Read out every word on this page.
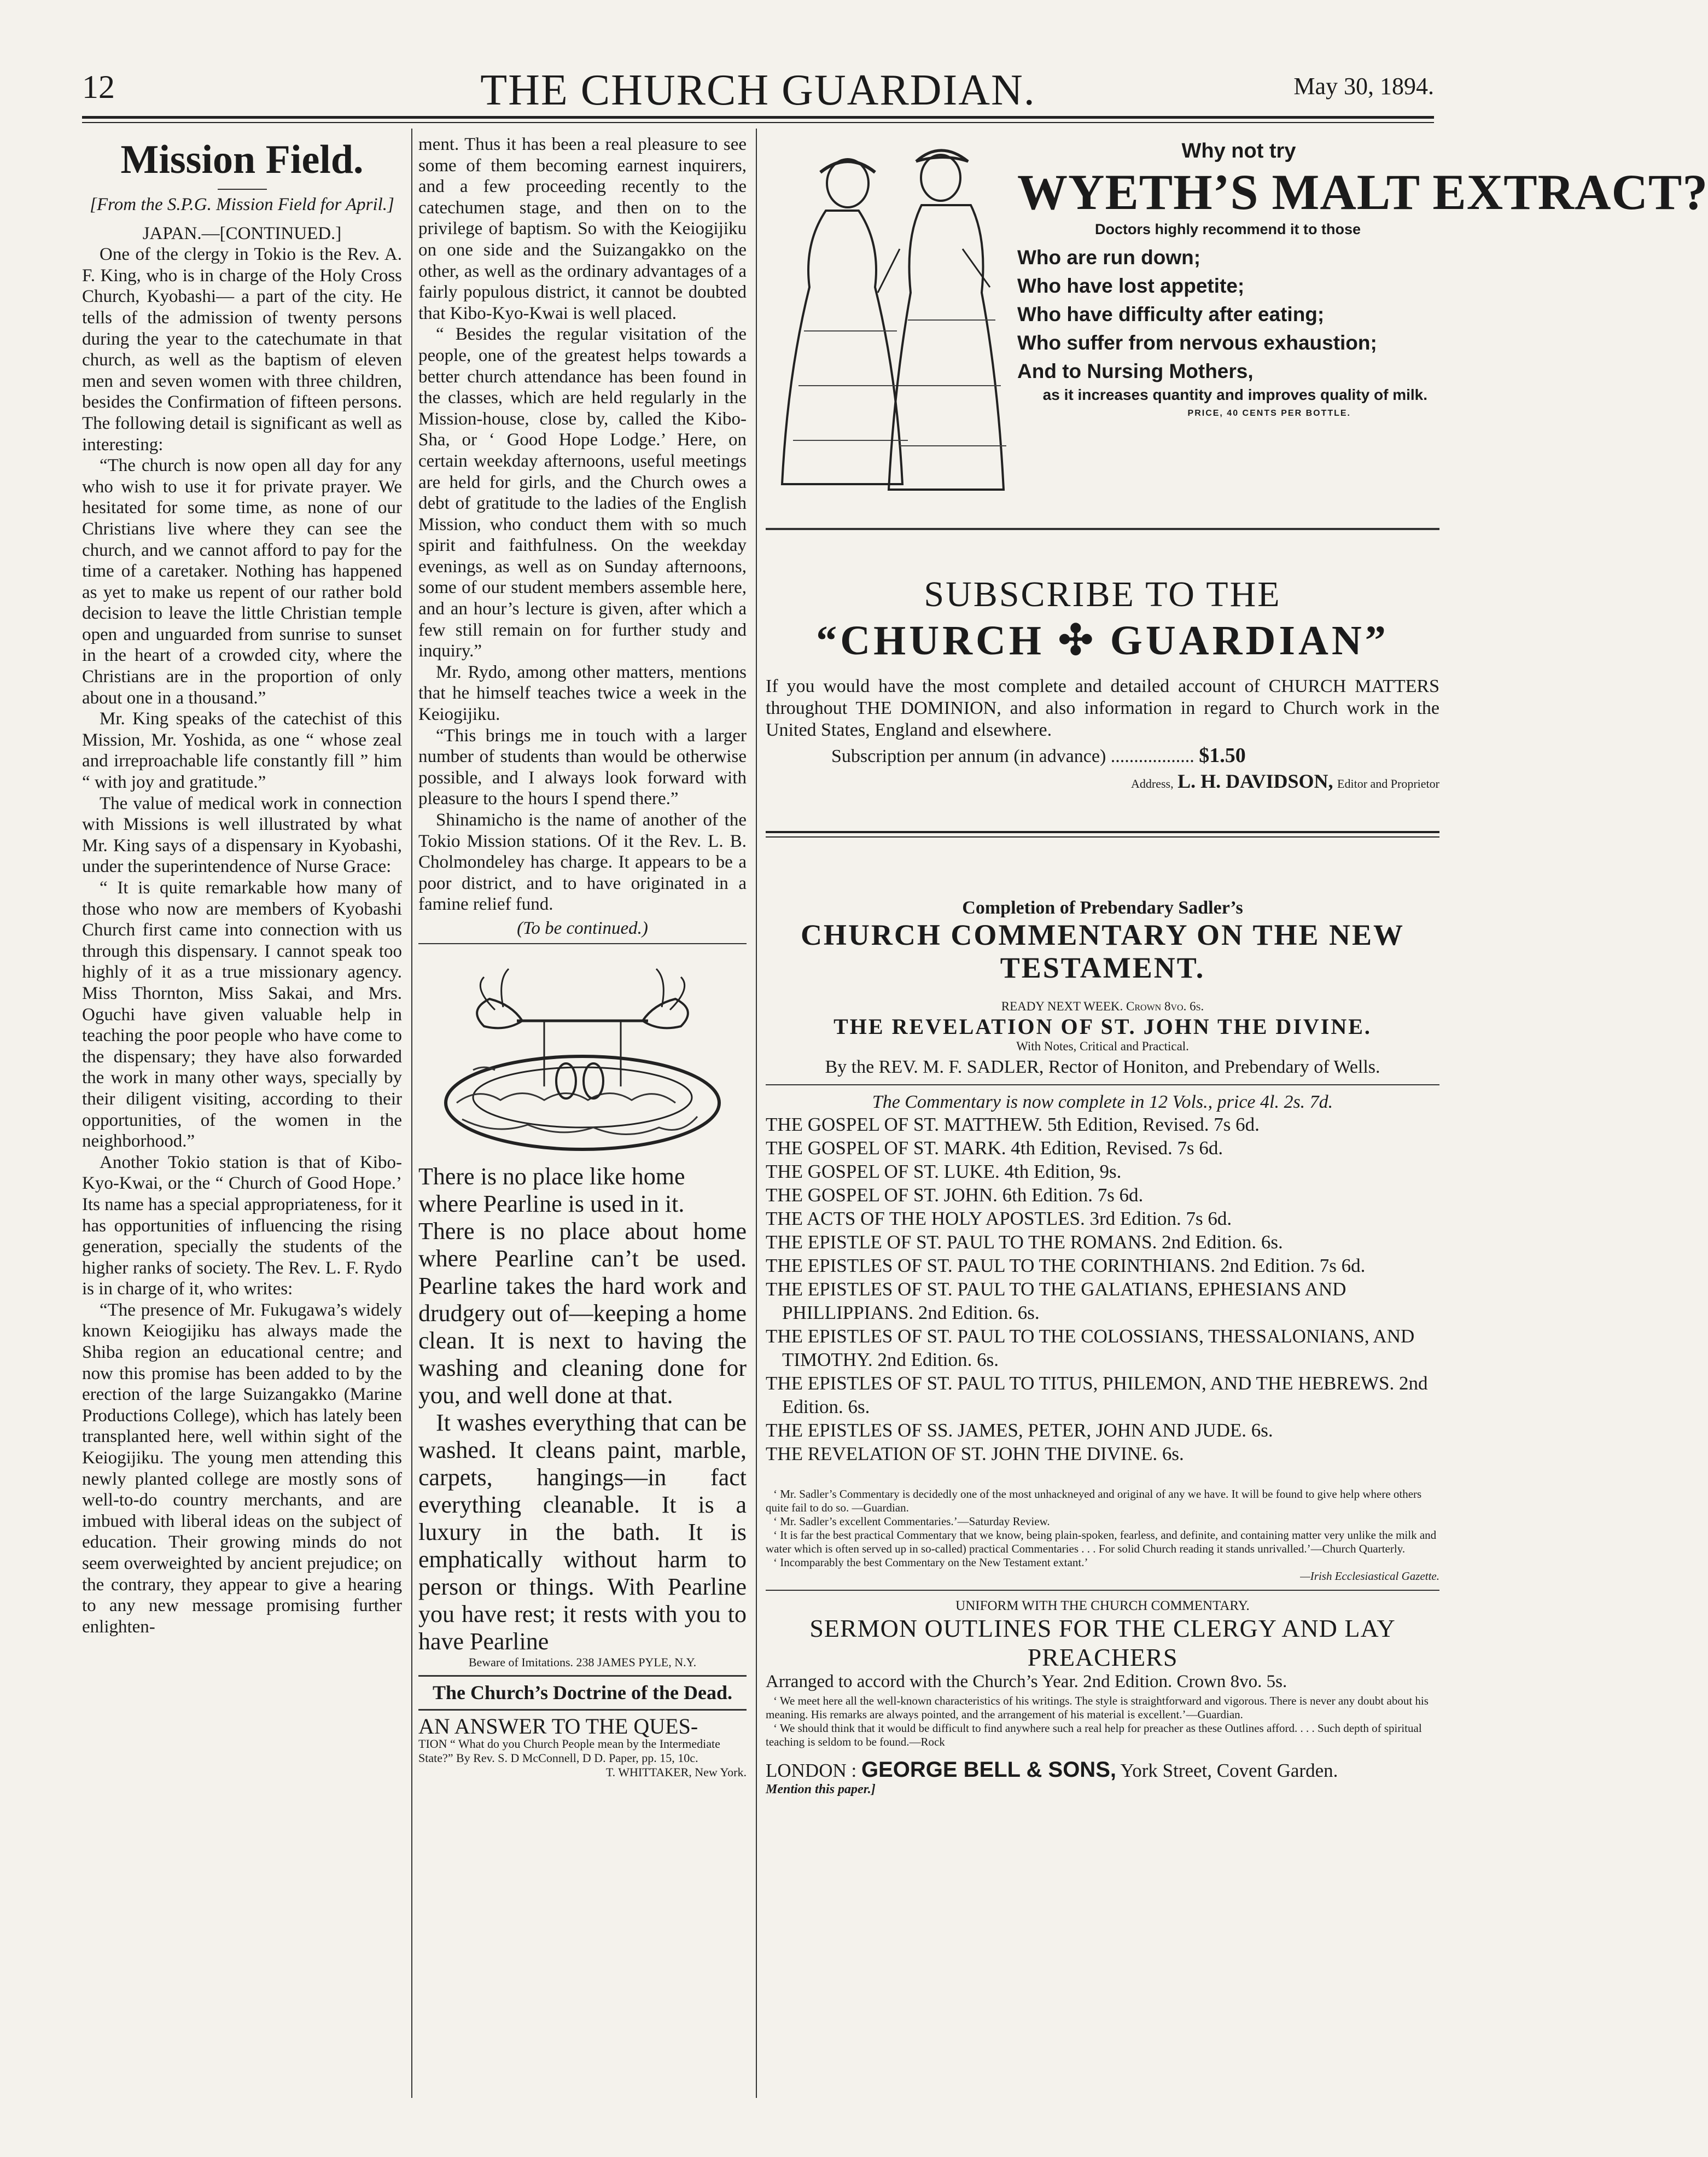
12	THE CHURCH GUARDIAN.	May 30, 1894.
Mission Field.

[From the S.P.G. Mission Field for April.]

JAPAN.—[CONTINUED.]

One of the clergy in Tokio is the Rev. A. F. King, who is in charge of the Holy Cross Church, Kyobashi— a part of the city. He tells of the admission of twenty persons during the year to the catechumate in that church, as well as the baptism of eleven men and seven women with three children, besides the Confirmation of fifteen persons. The following detail is significant as well as interesting:

“The church is now open all day for any who wish to use it for private prayer. We hesitated for some time, as none of our Christians live where they can see the church, and we cannot afford to pay for the time of a caretaker. Nothing has happened as yet to make us repent of our rather bold decision to leave the little Christian temple open and unguarded from sunrise to sunset in the heart of a crowded city, where the Christians are in the proportion of only about one in a thousand.”

Mr. King speaks of the catechist of this Mission, Mr. Yoshida, as one “ whose zeal and irreproachable life constantly fill ” him “ with joy and gratitude.”

The value of medical work in connection with Missions is well illustrated by what Mr. King says of a dispensary in Kyobashi, under the superintendence of Nurse Grace:

“ It is quite remarkable how many of those who now are members of Kyobashi Church first came into connection with us through this dispensary. I cannot speak too highly of it as a true missionary agency. Miss Thornton, Miss Sakai, and Mrs. Oguchi have given valuable help in teaching the poor people who have come to the dispensary; they have also forwarded the work in many other ways, specially by their diligent visiting, according to their opportunities, of the women in the neighborhood.”

Another Tokio station is that of Kibo-Kyo-Kwai, or the “ Church of Good Hope.’ Its name has a special appropriateness, for it has opportunities of influencing the rising generation, specially the students of the higher ranks of society. The Rev. L. F. Rydo is in charge of it, who writes:

“The presence of Mr. Fukugawa’s widely known Keiogijiku has always made the Shiba region an educational centre; and now this promise has been added to by the erection of the large Suizangakko (Marine Productions College), which has lately been transplanted here, well within sight of the Keiogijiku. The young men attending this newly planted college are mostly sons of well-to-do country merchants, and are imbued with liberal ideas on the subject of education. Their growing minds do not seem overweighted by ancient prejudice; on the contrary, they appear to give a hearing to any new message promising further enlighten-

ment. Thus it has been a real pleasure to see some of them becoming earnest inquirers, and a few proceeding recently to the catechumen stage, and then on to the privilege of baptism. So with the Keiogijiku on one side and the Suizangakko on the other, as well as the ordinary advantages of a fairly populous district, it cannot be doubted that Kibo-Kyo-Kwai is well placed.

“ Besides the regular visitation of the people, one of the greatest helps towards a better church attendance has been found in the classes, which are held regularly in the Mission-house, close by, called the Kibo-Sha, or ‘ Good Hope Lodge.’ Here, on certain weekday afternoons, useful meetings are held for girls, and the Church owes a debt of gratitude to the ladies of the English Mission, who conduct them with so much spirit and faithfulness. On the weekday evenings, as well as on Sunday afternoons, some of our student members assemble here, and an hour’s lecture is given, after which a few still remain on for further study and inquiry.”

Mr. Rydo, among other matters, mentions that he himself teaches twice a week in the Keiogijiku.

“This brings me in touch with a larger number of students than would be otherwise possible, and I always look forward with pleasure to the hours I spend there.”

Shinamicho is the name of another of the Tokio Mission stations. Of it the Rev. L. B. Cholmondeley has charge. It appears to be a poor district, and to have originated in a famine relief fund.

(To be continued.)

There is no place like home

where Pearline is used in it.

There is no place about home where Pearline can’t be used. Pearline takes the hard work and drudgery out of—keeping a home clean. It is next to having the washing and cleaning done for you, and well done at that.

It washes everything that can be washed. It cleans paint, marble, carpets, hangings—in fact everything cleanable. It is a luxury in the bath. It is emphatically without harm to person or things. With Pearline you have rest; it rests with you to have Pearline

Beware of Imitations. 238 JAMES PYLE, N.Y.

The Church’s Doctrine of the Dead.

AN ANSWER TO THE QUES-

TION “ What do you Church People mean by the Intermediate State?” By Rev. S. D McConnell, D D. Paper, pp. 15, 10c.

T. WHITTAKER, New York.

Why not try
WYETH’S MALT EXTRACT?
Doctors highly recommend it to those
Who are run down;
Who have lost appetite;
Who have difficulty after eating;
Who suffer from nervous exhaustion;
And to Nursing Mothers,
as it increases quantity and improves quality of milk.
PRICE, 40 CENTS PER BOTTLE.
SUBSCRIBE TO THE
“CHURCH ✣ GUARDIAN”

If you would have the most complete and detailed account of CHURCH MATTERS throughout THE DOMINION, and also information in regard to Church work in the United States, England and elsewhere.

Subscription per annum (in advance) .................. $1.50
Address, L. H. DAVIDSON, Editor and Proprietor
Completion of Prebendary Sadler’s
CHURCH COMMENTARY ON THE NEW TESTAMENT.
READY NEXT WEEK. Crown 8vo. 6s.
THE REVELATION OF ST. JOHN THE DIVINE.
With Notes, Critical and Practical.
By the REV. M. F. SADLER, Rector of Honiton, and Prebendary of Wells.
The Commentary is now complete in 12 Vols., price 4l. 2s. 7d.
THE GOSPEL OF ST. MATTHEW. 5th Edition, Revised. 7s 6d.
THE GOSPEL OF ST. MARK. 4th Edition, Revised. 7s 6d.
THE GOSPEL OF ST. LUKE. 4th Edition, 9s.
THE GOSPEL OF ST. JOHN. 6th Edition. 7s 6d.
THE ACTS OF THE HOLY APOSTLES. 3rd Edition. 7s 6d.
THE EPISTLE OF ST. PAUL TO THE ROMANS. 2nd Edition. 6s.
THE EPISTLES OF ST. PAUL TO THE CORINTHIANS. 2nd Edition. 7s 6d.
THE EPISTLES OF ST. PAUL TO THE GALATIANS, EPHESIANS AND PHILLIPPIANS. 2nd Edition. 6s.
THE EPISTLES OF ST. PAUL TO THE COLOSSIANS, THESSALONIANS, AND TIMOTHY. 2nd Edition. 6s.
THE EPISTLES OF ST. PAUL TO TITUS, PHILEMON, AND THE HEBREWS. 2nd Edition. 6s.
THE EPISTLES OF SS. JAMES, PETER, JOHN AND JUDE. 6s.
THE REVELATION OF ST. JOHN THE DIVINE. 6s.

‘ Mr. Sadler’s Commentary is decidedly one of the most unhackneyed and original of any we have. It will be found to give help where others quite fail to do so. —Guardian.

‘ Mr. Sadler’s excellent Commentaries.’—Saturday Review.

‘ It is far the best practical Commentary that we know, being plain-spoken, fearless, and definite, and containing matter very unlike the milk and water which is often served up in so-called) practical Commentaries . . . For solid Church reading it stands unrivalled.’—Church Quarterly.

‘ Incomparably the best Commentary on the New Testament extant.’

—Irish Ecclesiastical Gazette.

UNIFORM WITH THE CHURCH COMMENTARY.
SERMON OUTLINES FOR THE CLERGY AND LAY PREACHERS
Arranged to accord with the Church’s Year. 2nd Edition. Crown 8vo. 5s.

‘ We meet here all the well-known characteristics of his writings. The style is straightforward and vigorous. There is never any doubt about his meaning. His remarks are always pointed, and the arrangement of his material is excellent.’—Guardian.

‘ We should think that it would be difficult to find anywhere such a real help for preacher as these Outlines afford. . . . Such depth of spiritual teaching is seldom to be found.—Rock

LONDON : GEORGE BELL & SONS, York Street, Covent Garden.
Mention this paper.]
